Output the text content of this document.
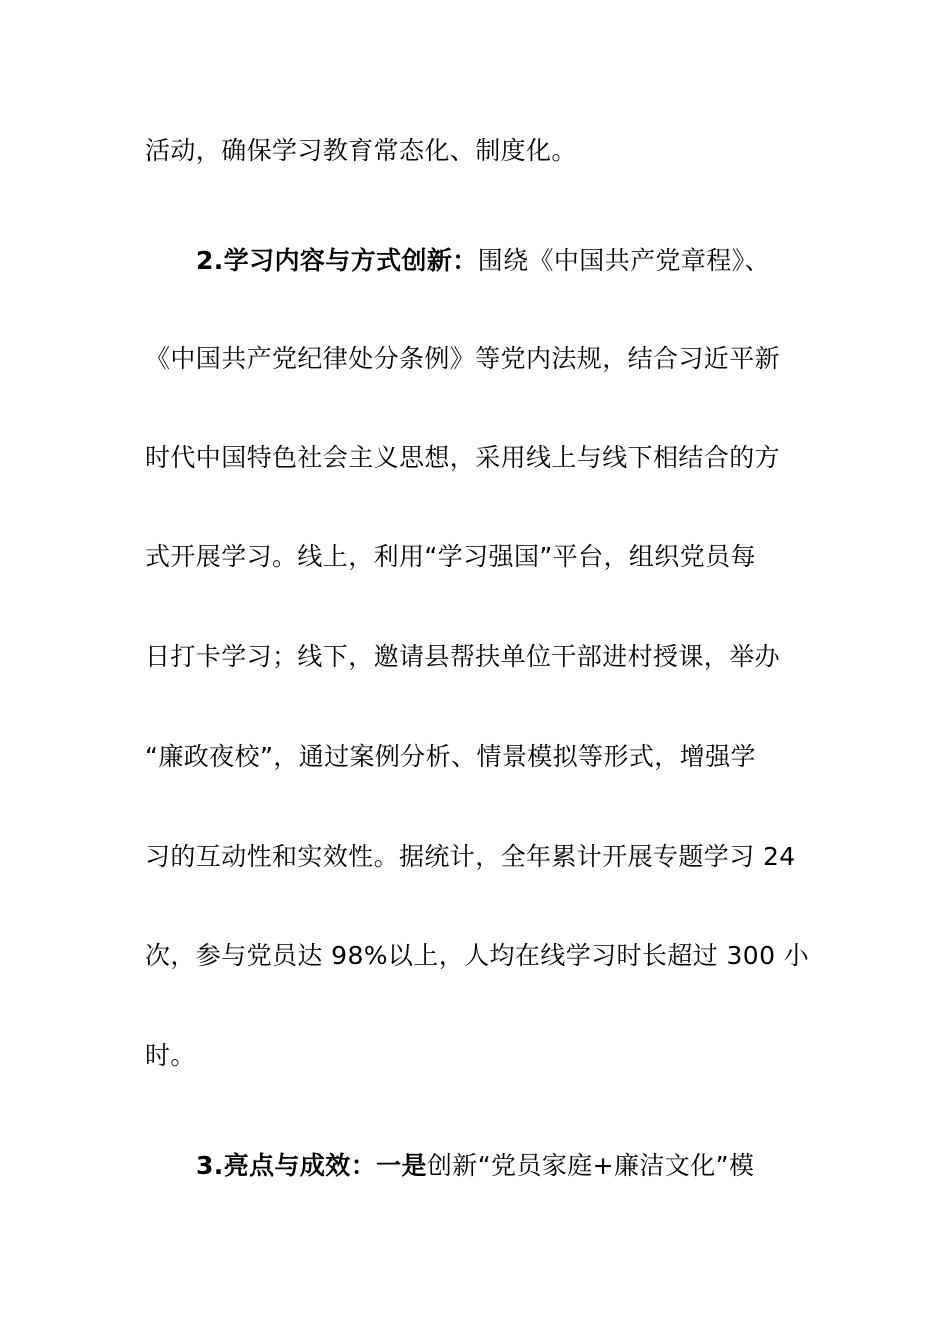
活动，确保学习教育常态化、制度化。
2.学习内容与方式创新：围绕《中国共产党章程》、
《中国共产党纪律处分条例》等党内法规，结合习近平新
时代中国特色社会主义思想，采用线上与线下相结合的方
式开展学习。线上，利用“学习强国”平台，组织党员每
日打卡学习；线下，邀请县帮扶单位干部进村授课，举办
“廉政夜校”，通过案例分析、情景模拟等形式，增强学
习的互动性和实效性。据统计，全年累计开展专题学习 24
次，参与党员达 98%以上，人均在线学习时长超过 300 小
时。
3.亮点与成效：一是创新“党员家庭+廉洁文化”模
